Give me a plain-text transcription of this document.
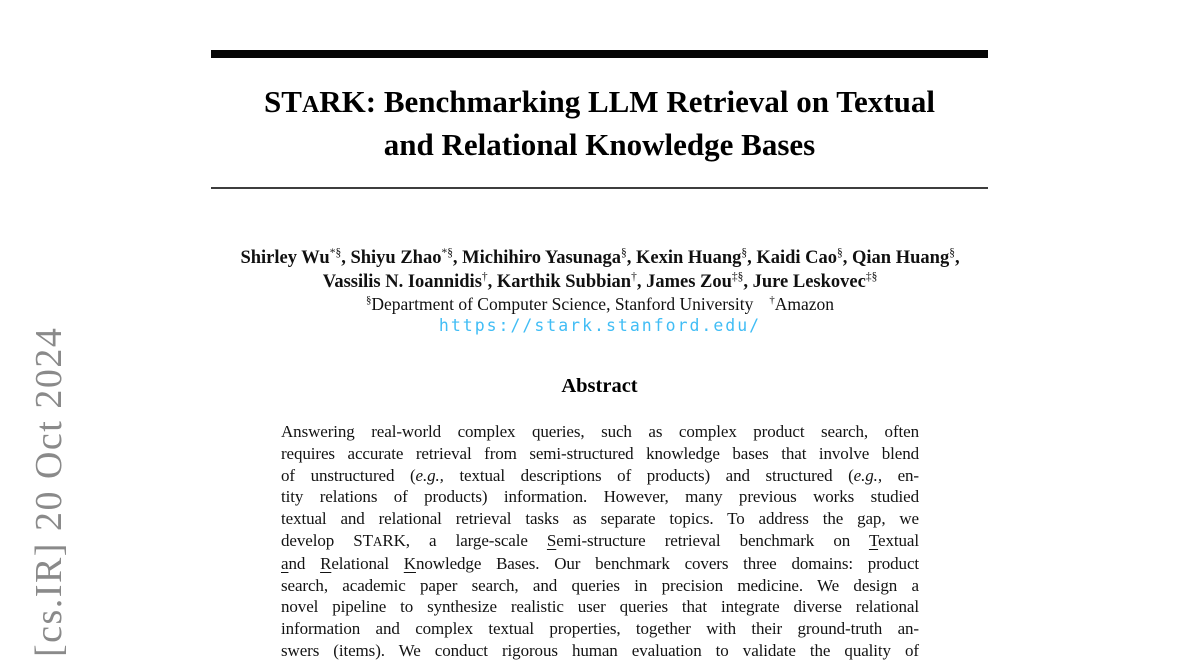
[cs.IR] 20 Oct 2024
STARK: Benchmarking LLM Retrieval on Textual
and Relational Knowledge Bases
Shirley Wu*§, Shiyu Zhao*§, Michihiro Yasunaga§, Kexin Huang§, Kaidi Cao§, Qian Huang§,
Vassilis N. Ioannidis†, Karthik Subbian†, James Zou‡§, Jure Leskovec‡§
§Department of Computer Science, Stanford University †Amazon
https://stark.stanford.edu/
Abstract
Answering real-world complex queries, such as complex product search, often
requires accurate retrieval from semi-structured knowledge bases that involve blend
of unstructured (e.g., textual descriptions of products) and structured (e.g., en-
tity relations of products) information. However, many previous works studied
textual and relational retrieval tasks as separate topics. To address the gap, we
develop STARK, a large-scale Semi-structure retrieval benchmark on Textual
and Relational Knowledge Bases. Our benchmark covers three domains: product
search, academic paper search, and queries in precision medicine. We design a
novel pipeline to synthesize realistic user queries that integrate diverse relational
information and complex textual properties, together with their ground-truth an-
swers (items). We conduct rigorous human evaluation to validate the quality of
